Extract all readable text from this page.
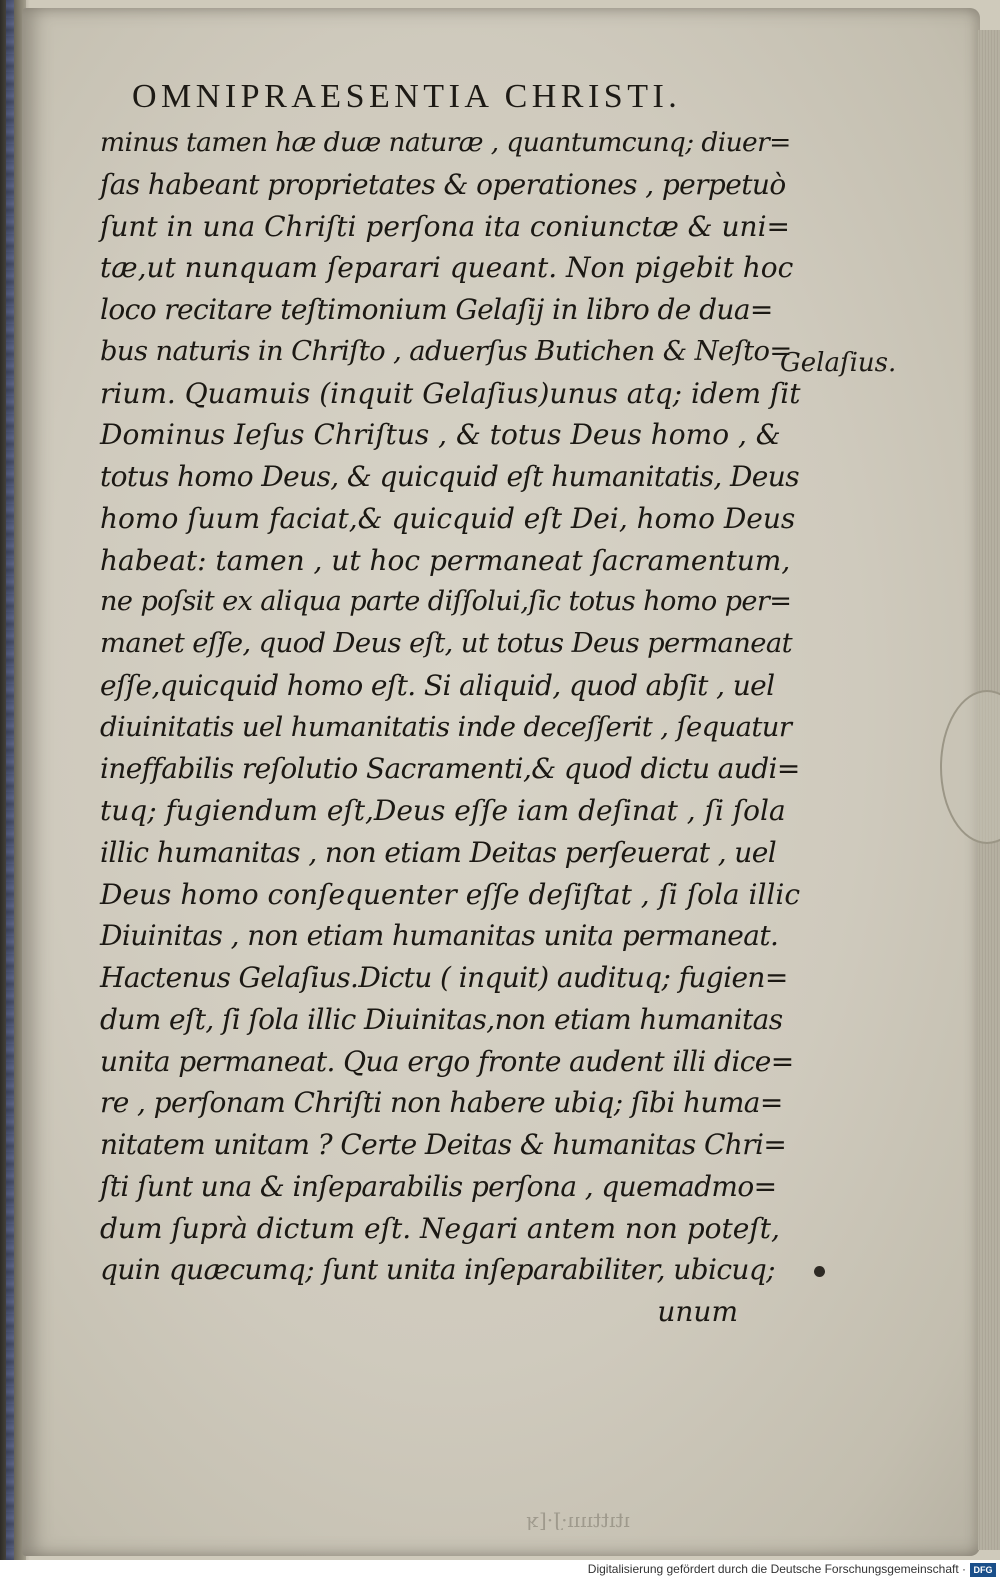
ıtıttıııı·J·[ʞ
OMNIPRAESENTIA CHRISTI.
minus tamen hæ duæ naturæ , quantumcunq; diuer=
ſas habeant proprietates & operationes , perpetuò
ſunt in una Chriſti perſona ita coniunctæ & uni=
tæ,ut nunquam ſeparari queant. Non pigebit hoc
loco recitare teſtimonium Gelaſij in libro de dua=
bus naturis in Chriſto , aduerſus Butichen & Neſto=
rium. Quamuis (inquit Gelaſius)unus atq; idem ſit
Dominus Ieſus Chriſtus , & totus Deus homo , &
totus homo Deus, & quicquid eſt humanitatis, Deus
homo ſuum faciat,& quicquid eſt Dei, homo Deus
habeat: tamen , ut hoc permaneat ſacramentum,
ne poſsit ex aliqua parte diſſolui,ſic totus homo per=
manet eſſe, quod Deus eſt, ut totus Deus permaneat
eſſe,quicquid homo eſt. Si aliquid, quod abſit , uel
diuinitatis uel humanitatis inde deceſſerit , ſequatur
ineffabilis reſolutio Sacramenti,& quod dictu audi=
tuq; fugiendum eſt,Deus eſſe iam deſinat , ſi ſola
illic humanitas , non etiam Deitas perſeuerat , uel
Deus homo conſequenter eſſe deſiſtat , ſi ſola illic
Diuinitas , non etiam humanitas unita permaneat.
Hactenus Gelaſius.Dictu ( inquit) audituq; fugien=
dum eſt, ſi ſola illic Diuinitas,non etiam humanitas
unita permaneat. Qua ergo fronte audent illi dice=
re , perſonam Chriſti non habere ubiq; ſibi huma=
nitatem unitam ? Certe Deitas & humanitas Chri=
ſti ſunt una & inſeparabilis perſona , quemadmo=
dum ſuprà dictum eſt. Negari antem non poteſt,
quin quæcumq; ſunt unita inſeparabiliter, ubicuq;
unum
Gelaſius.
Digitalisierung gefördert durch die Deutsche Forschungsgemeinschaft · DFG
